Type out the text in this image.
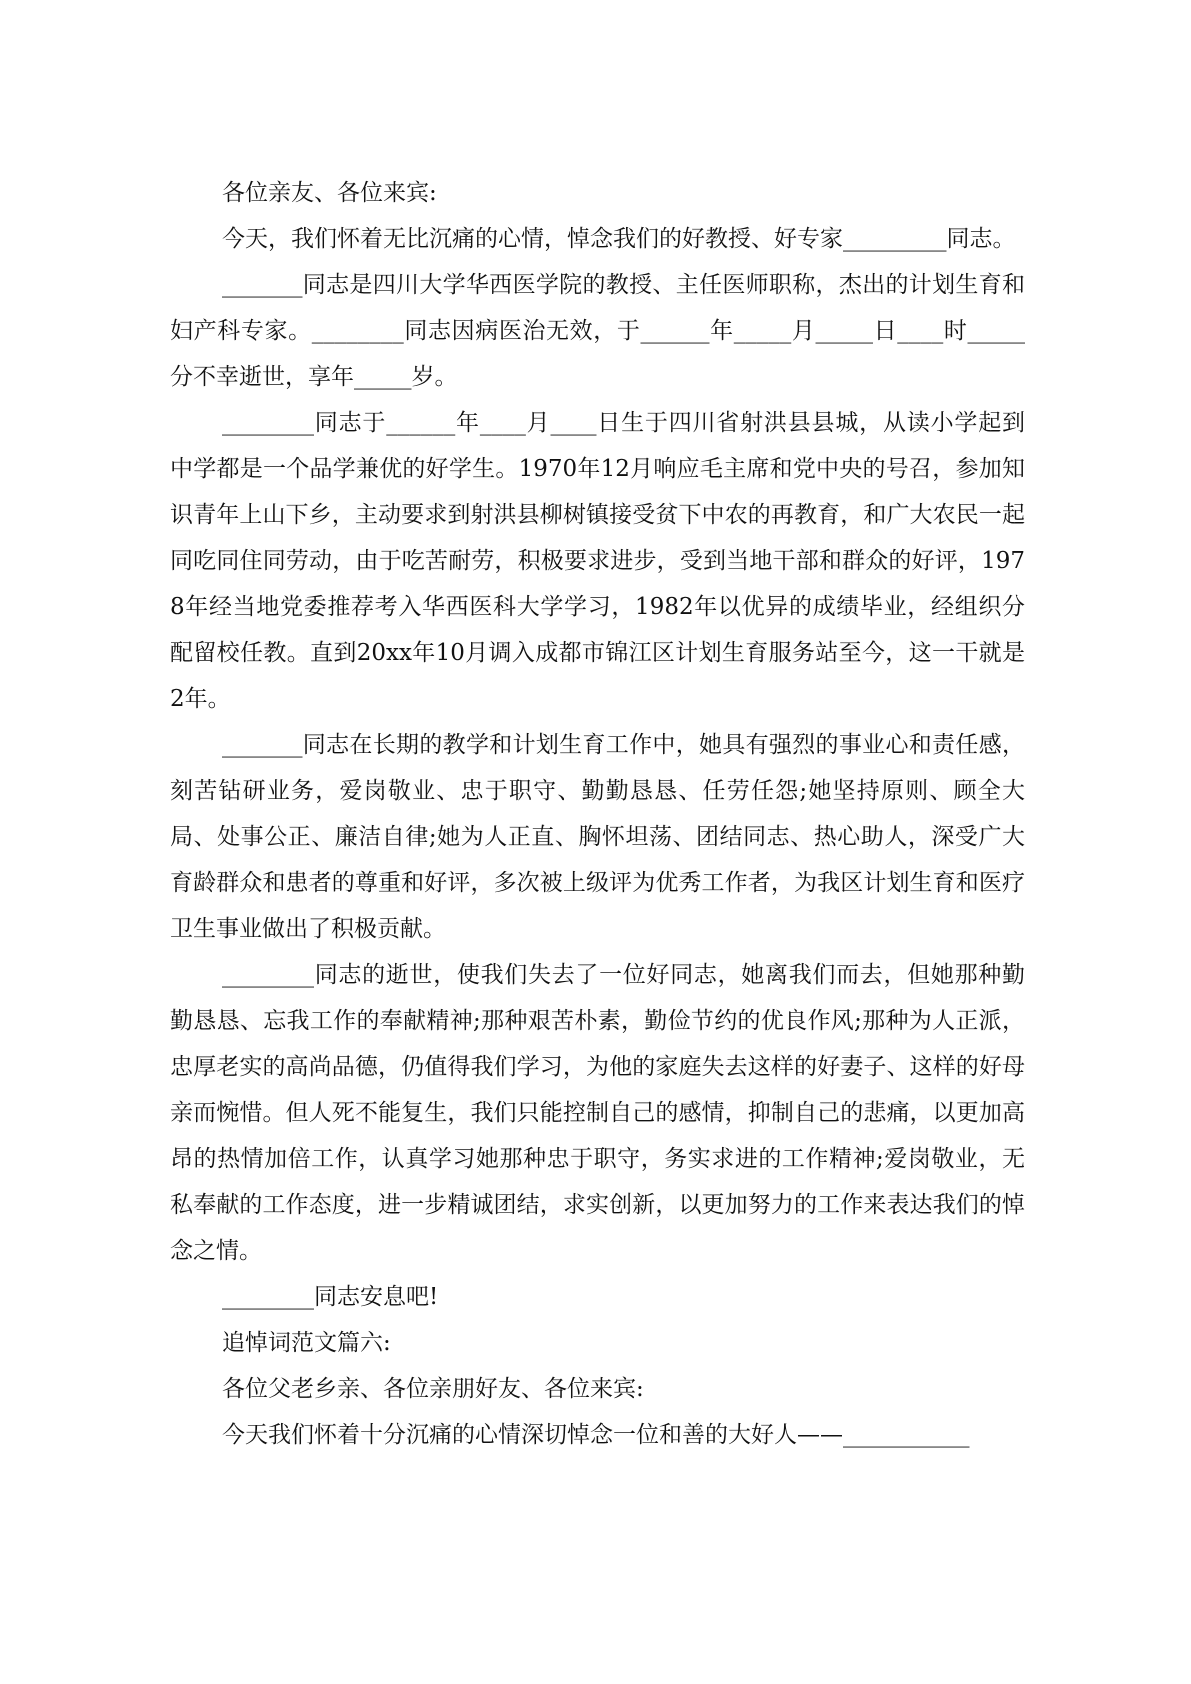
各位亲友、各位来宾:

今天，我们怀着无比沉痛的心情，悼念我们的好教授、好专家_________同志。

_______同志是四川大学华西医学院的教授、主任医师职称，杰出的计划生育和妇产科专家。________同志因病医治无效，于______年_____月_____日____时_____分不幸逝世，享年_____岁。

________同志于______年____月____日生于四川省射洪县县城，从读小学起到中学都是一个品学兼优的好学生。1970年12月响应毛主席和党中央的号召，参加知识青年上山下乡，主动要求到射洪县柳树镇接受贫下中农的再教育，和广大农民一起同吃同住同劳动，由于吃苦耐劳，积极要求进步，受到当地干部和群众的好评，1978年经当地党委推荐考入华西医科大学学习，1982年以优异的成绩毕业，经组织分配留校任教。直到20xx年10月调入成都市锦江区计划生育服务站至今，这一干就是2年。

_______同志在长期的教学和计划生育工作中，她具有强烈的事业心和责任感，刻苦钻研业务，爱岗敬业、忠于职守、勤勤恳恳、任劳任怨;她坚持原则、顾全大局、处事公正、廉洁自律;她为人正直、胸怀坦荡、团结同志、热心助人，深受广大育龄群众和患者的尊重和好评，多次被上级评为优秀工作者，为我区计划生育和医疗卫生事业做出了积极贡献。

________同志的逝世，使我们失去了一位好同志，她离我们而去，但她那种勤勤恳恳、忘我工作的奉献精神;那种艰苦朴素，勤俭节约的优良作风;那种为人正派，忠厚老实的高尚品德，仍值得我们学习，为他的家庭失去这样的好妻子、这样的好母亲而惋惜。但人死不能复生，我们只能控制自己的感情，抑制自己的悲痛，以更加高昂的热情加倍工作，认真学习她那种忠于职守，务实求进的工作精神;爱岗敬业，无私奉献的工作态度，进一步精诚团结，求实创新，以更加努力的工作来表达我们的悼念之情。

________同志安息吧!

追悼词范文篇六:

各位父老乡亲、各位亲朋好友、各位来宾:

今天我们怀着十分沉痛的心情深切悼念一位和善的大好人——___________
